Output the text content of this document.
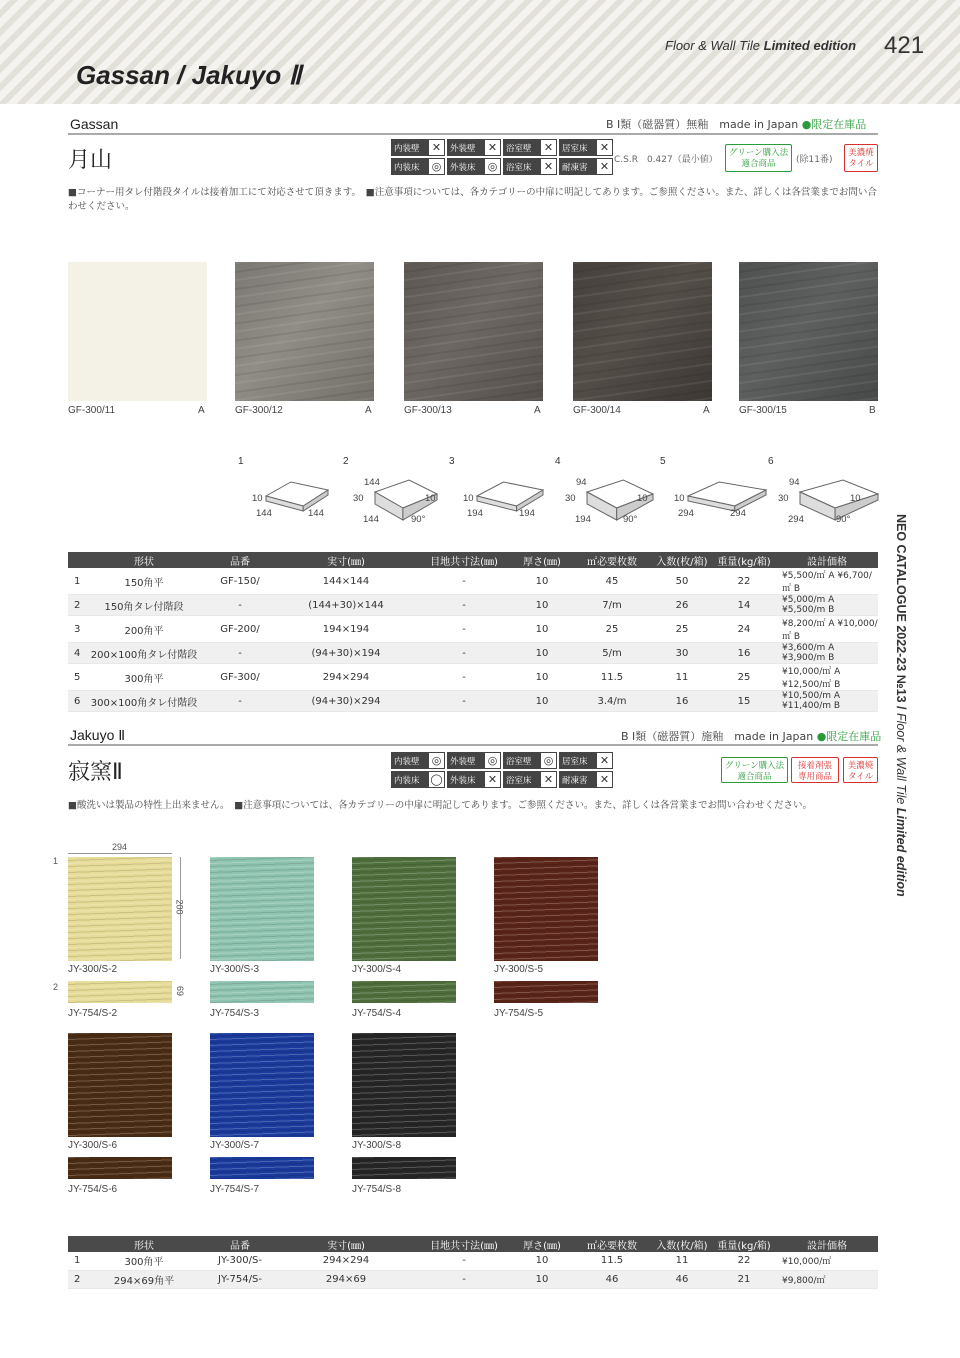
Floor & Wall Tile Limited edition 421
Gassan / Jakuyo Ⅱ
NEO CATALOGUE 2022-23 №13 / Floor & Wall Tile Limited edition
Gassan	B Ⅰ類（磁器質）無釉　made in Japan ●限定在庫品
月山	内装壁 ✕	外装壁 ✕	浴室壁 ✕	居室床 ✕
内装床 ◎	外装床 ◎	浴室床 ✕	耐凍害 ✕ C.S.R　0.427（最小値）
グリーン購入法
適合商品	(除11番)
美濃焼
タイル
■コーナー用タレ付階段タイルは接着加工にて対応させて頂きます。　■注意事項については、各カテゴリーの中扉に明記してあります。ご参照ください。また、詳しくは各営業までお問い合わせください。
GF-300/11	A	GF-300/12	A	GF-300/13	A	GF-300/14	A	GF-300/15	B
1
10
144	144
2
144
30	10
144	90°
3
10
194	194
4
94
30	10
194	90°
5
10
294	294
6
94
30	10
294	90°
	形状	品番	実寸(㎜)	目地共寸法(㎜)	厚さ(㎜)	㎡必要枚数	入数(枚/箱)	重量(kg/箱)	設計価格
1	150角平	GF-150/	144×144	-	10	45	50	22	¥5,500/㎡ A ¥6,700/㎡ B
2	150角タレ付階段	-	(144+30)×144	-	10	7/m	26	14	¥5,000/m A ¥5,500/m B
3	200角平	GF-200/	194×194	-	10	25	25	24	¥8,200/㎡ A ¥10,000/㎡ B
4	200×100角タレ付階段	-	(94+30)×194	-	10	5/m	30	16	¥3,600/m A ¥3,900/m B
5	300角平	GF-300/	294×294	-	10	11.5	11	25	¥10,000/㎡ A ¥12,500/㎡ B
6	300×100角タレ付階段	-	(94+30)×294	-	10	3.4/m	16	15	¥10,500/m A ¥11,400/m B
Jakuyo Ⅱ	B Ⅰ類（磁器質）施釉　made in Japan ●限定在庫品
寂窯Ⅱ	内装壁 ◎	外装壁 ◎	浴室壁 ◎	居室床 ✕
内装床 ◯ 外装床 ✕	浴室床 ✕	耐凍害 ✕
グリーン購入法
適合商品
接着剤張
専用商品
美濃焼
タイル
■酸洗いは製品の特性上出来ません。　■注意事項については、各カテゴリーの中扉に明記してあります。ご参照ください。また、詳しくは各営業までお問い合わせください。
294
1
200
2	69
JY-300/S-2
JY-754/S-2
JY-300/S-3
JY-754/S-3
JY-300/S-4
JY-754/S-4
JY-300/S-5
JY-754/S-5
JY-300/S-6
JY-754/S-6
JY-300/S-7
JY-754/S-7
JY-300/S-8
JY-754/S-8
	形状	品番	実寸(㎜)	目地共寸法(㎜)	厚さ(㎜)	㎡必要枚数	入数(枚/箱)	重量(kg/箱)	設計価格
1	300角平	JY-300/S-	294×294	-	10	11.5	11	22	¥10,000/㎡
2	294×69角平	JY-754/S-	294×69	-	10	46	46	21	¥9,800/㎡
